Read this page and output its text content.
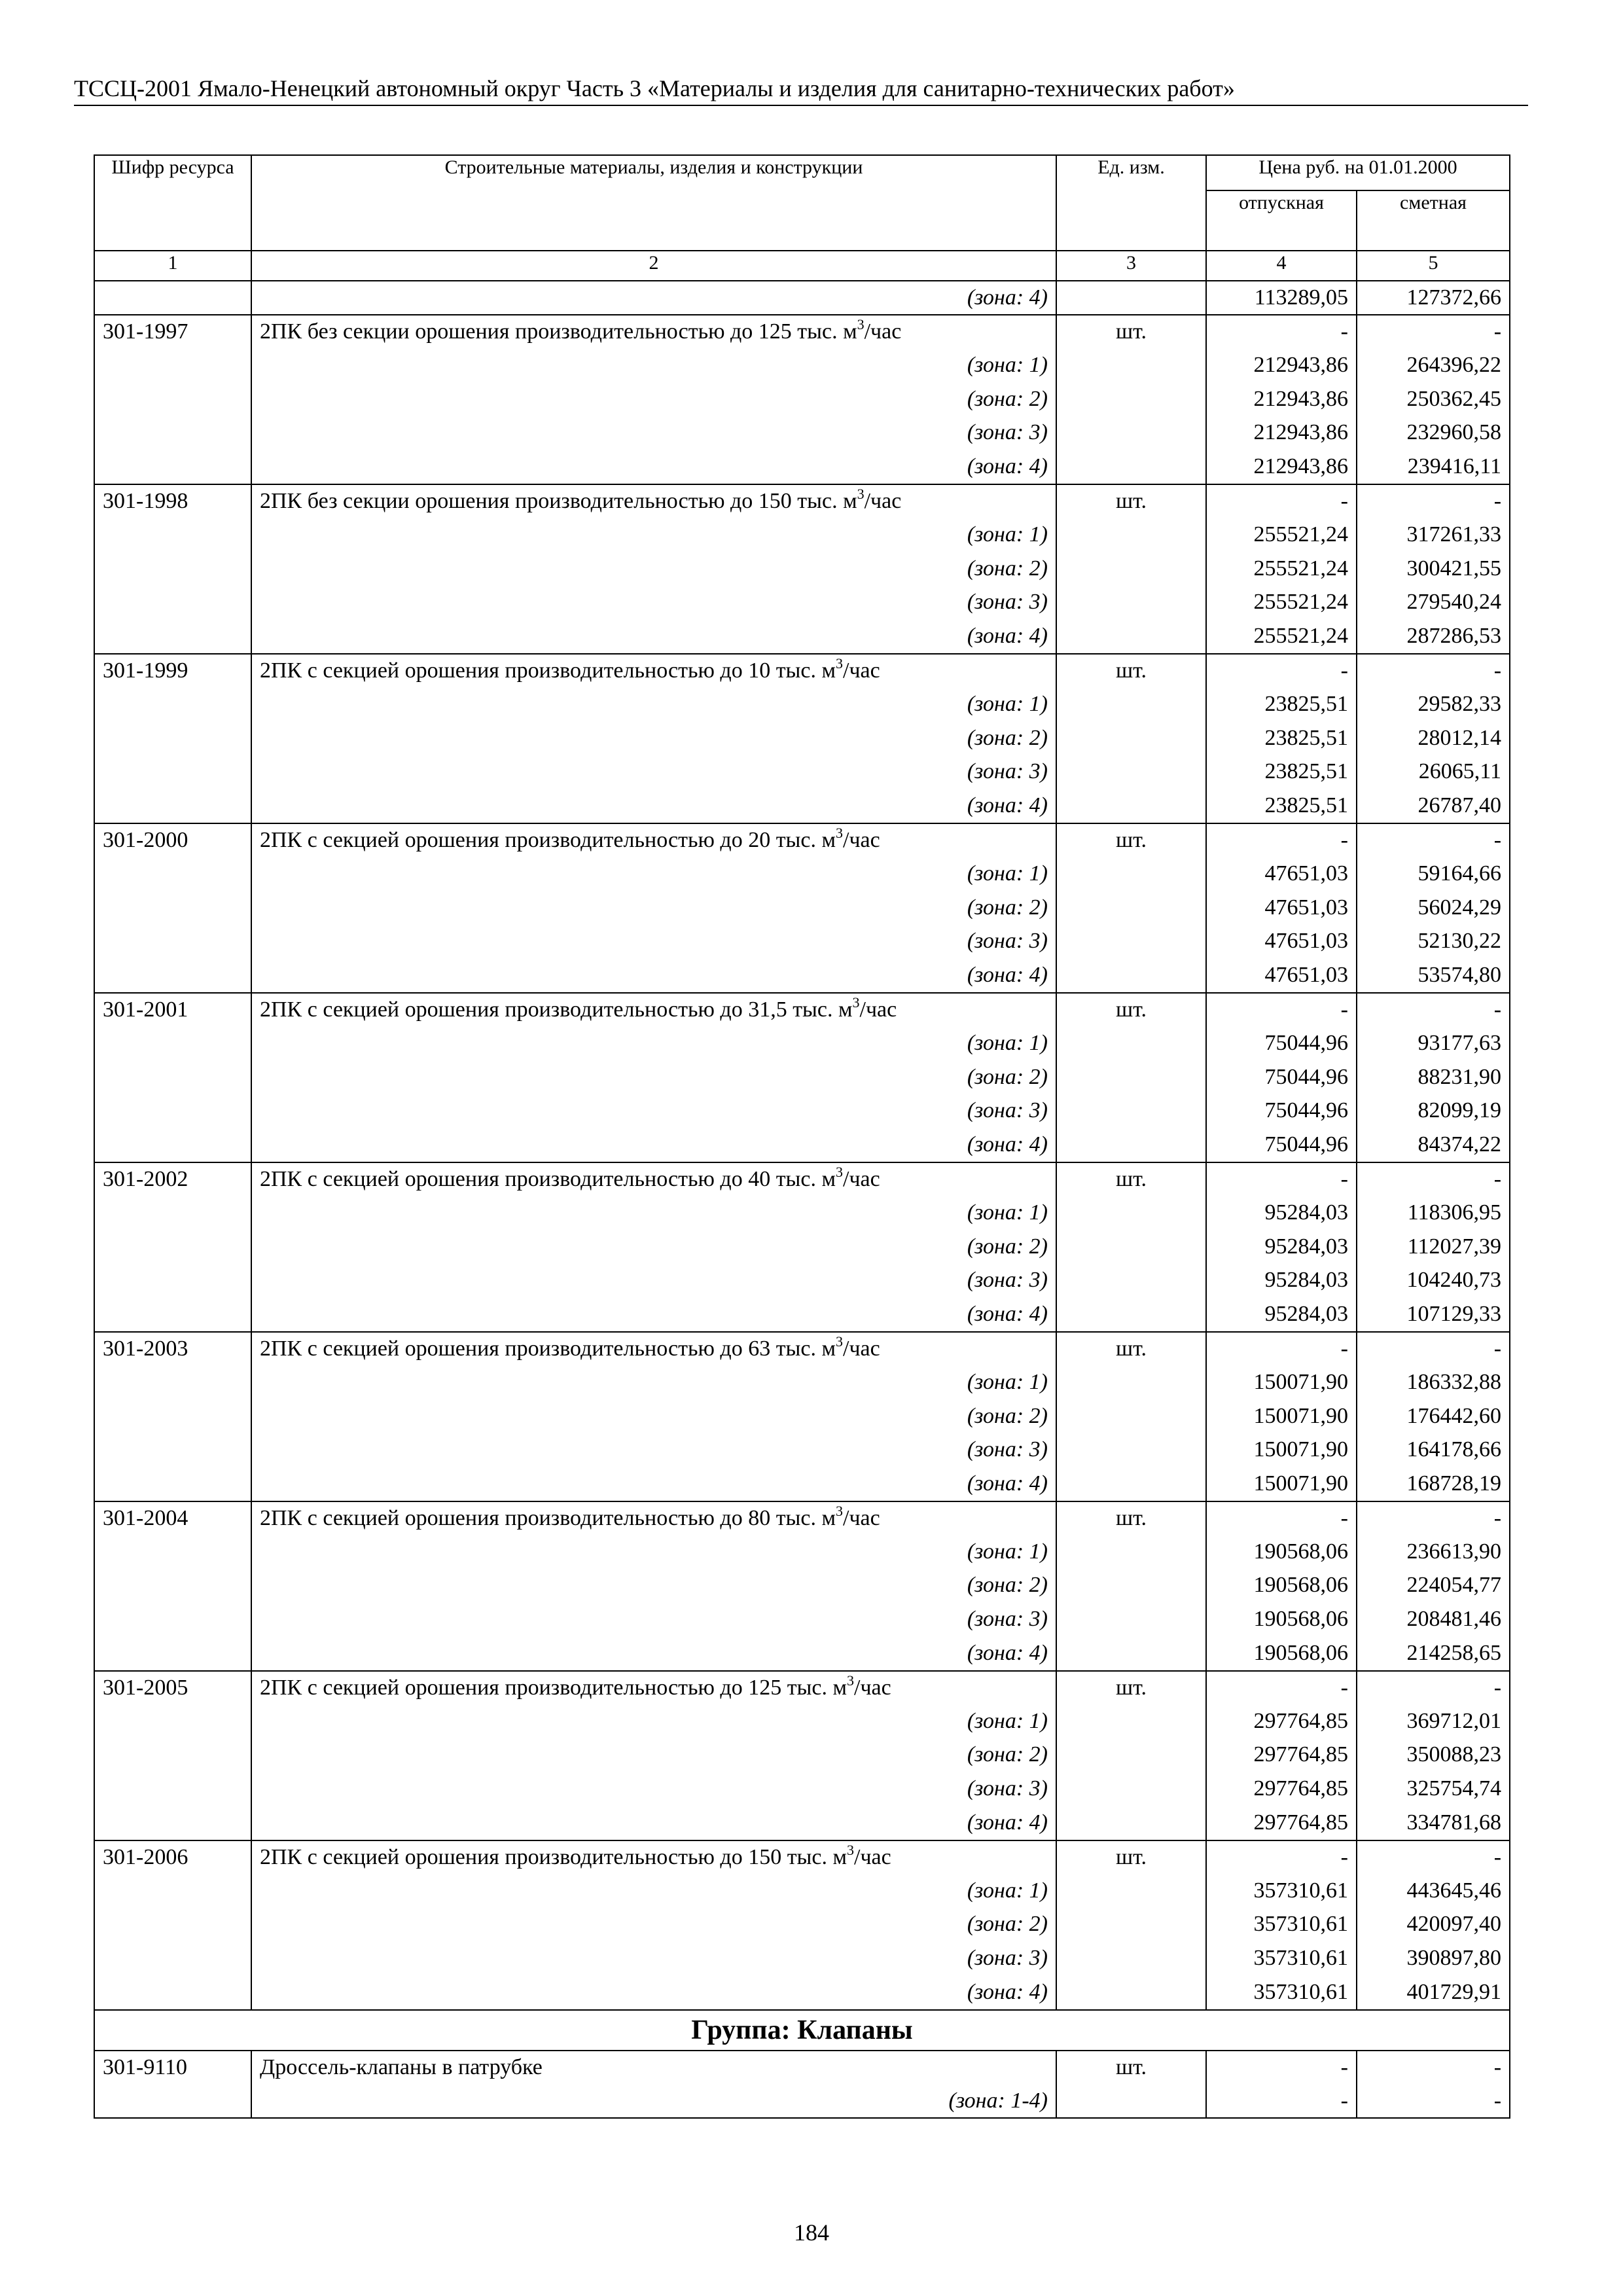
ТССЦ-2001 Ямало-Ненецкий автономный округ Часть 3 «Материалы и изделия для санитарно-технических работ»
Шифр ресурса	Строительные материалы, изделия и конструкции	Ед. изм.	Цена руб. на 01.01.2000	
			отпускная	сметная
1	2	3	4	5
	(зона: 4)		113289,05	127372,66
301-1997	2ПК без секции орошения производительностью до 125 тыс. $м^3$/час	шт.	-	-
	(зона: 1)		212943,86	264396,22
	(зона: 2)		212943,86	250362,45
	(зона: 3)		212943,86	232960,58
	(зона: 4)		212943,86	239416,11
301-1998	2ПК без секции орошения производительностью до 150 тыс. $м^3$/час	шт.	-	-
	(зона: 1)		255521,24	317261,33
	(зона: 2)		255521,24	300421,55
	(зона: 3)		255521,24	279540,24
	(зона: 4)		255521,24	287286,53
301-1999	2ПК с секцией орошения производительностью до 10 тыс. $м^3$/час	шт.	-	-
	(зона: 1)		23825,51	29582,33
	(зона: 2)		23825,51	28012,14
	(зона: 3)		23825,51	26065,11
	(зона: 4)		23825,51	26787,40
301-2000	2ПК с секцией орошения производительностью до 20 тыс. $м^3$/час	шт.	-	-
	(зона: 1)		47651,03	59164,66
	(зона: 2)		47651,03	56024,29
	(зона: 3)		47651,03	52130,22
	(зона: 4)		47651,03	53574,80
301-2001	2ПК с секцией орошения производительностью до 31,5 тыс. $м^3$/час	шт.	-	-
	(зона: 1)		75044,96	93177,63
	(зона: 2)		75044,96	88231,90
	(зона: 3)		75044,96	82099,19
	(зона: 4)		75044,96	84374,22
301-2002	2ПК с секцией орошения производительностью до 40 тыс. $м^3$/час	шт.	-	-
	(зона: 1)		95284,03	118306,95
	(зона: 2)		95284,03	112027,39
	(зона: 3)		95284,03	104240,73
	(зона: 4)		95284,03	107129,33
301-2003	2ПК с секцией орошения производительностью до 63 тыс. $м^3$/час	шт.	-	-
	(зона: 1)		150071,90	186332,88
	(зона: 2)		150071,90	176442,60
	(зона: 3)		150071,90	164178,66
	(зона: 4)		150071,90	168728,19
301-2004	2ПК с секцией орошения производительностью до 80 тыс. $м^3$/час	шт.	-	-
	(зона: 1)		190568,06	236613,90
	(зона: 2)		190568,06	224054,77
	(зона: 3)		190568,06	208481,46
	(зона: 4)		190568,06	214258,65
301-2005	2ПК с секцией орошения производительностью до 125 тыс. $м^3$/час	шт.	-	-
	(зона: 1)		297764,85	369712,01
	(зона: 2)		297764,85	350088,23
	(зона: 3)		297764,85	325754,74
	(зона: 4)		297764,85	334781,68
301-2006	2ПК с секцией орошения производительностью до 150 тыс. $м^3$/час	шт.	-	-
	(зона: 1)		357310,61	443645,46
	(зона: 2)		357310,61	420097,40
	(зона: 3)		357310,61	390897,80
	(зона: 4)		357310,61	401729,91
Группа: Клапаны				
301-9110	Дроссель-клапаны в патрубке	шт.	-	-
	(зона: 1-4)		-	-
184
